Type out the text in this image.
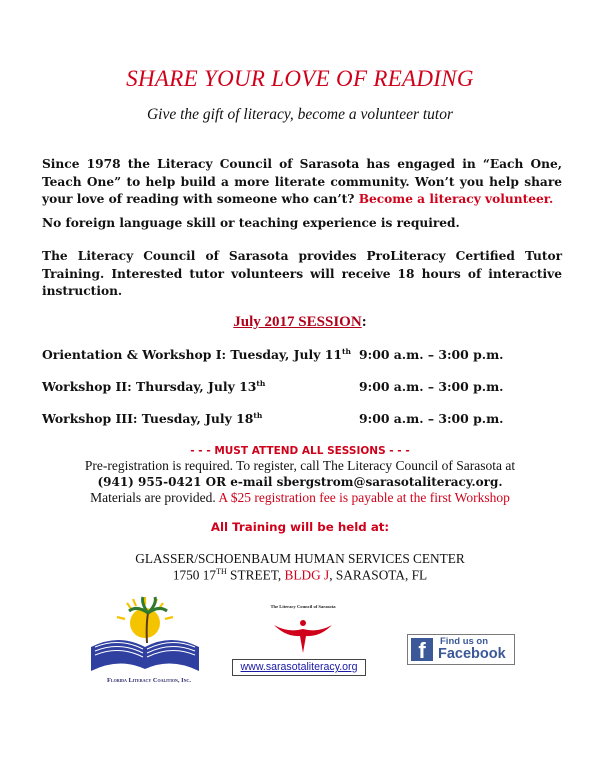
SHARE YOUR LOVE OF READING
Give the gift of literacy, become a volunteer tutor
Since 1978 the Literacy Council of Sarasota has engaged in “Each One, Teach One” to help build a more literate community. Won’t you help share your love of reading with someone who can’t? Become a literacy volunteer.
No foreign language skill or teaching experience is required.
The Literacy Council of Sarasota provides ProLiteracy Certified Tutor Training. Interested tutor volunteers will receive 18 hours of interactive instruction.
July 2017 SESSION:
Orientation & Workshop I: Tuesday, July 11th 9:00 a.m. – 3:00 p.m.
Workshop II: Thursday, July 13th	9:00 a.m. – 3:00 p.m.
Workshop III: Tuesday, July 18th	9:00 a.m. – 3:00 p.m.
- - - MUST ATTEND ALL SESSIONS - - -
Pre-registration is required. To register, call The Literacy Council of Sarasota at
(941) 955-0421 OR e-mail sbergstrom@sarasotaliteracy.org.
Materials are provided. A $25 registration fee is payable at the first Workshop
All Training will be held at:
GLASSER/SCHOENBAUM HUMAN SERVICES CENTER
1750 17TH STREET, BLDG J, SARASOTA, FL
Florida Literacy Coalition, Inc.
The Literacy Council of Sarasota
f	Find us on
Facebook
www.sarasotaliteracy.org
